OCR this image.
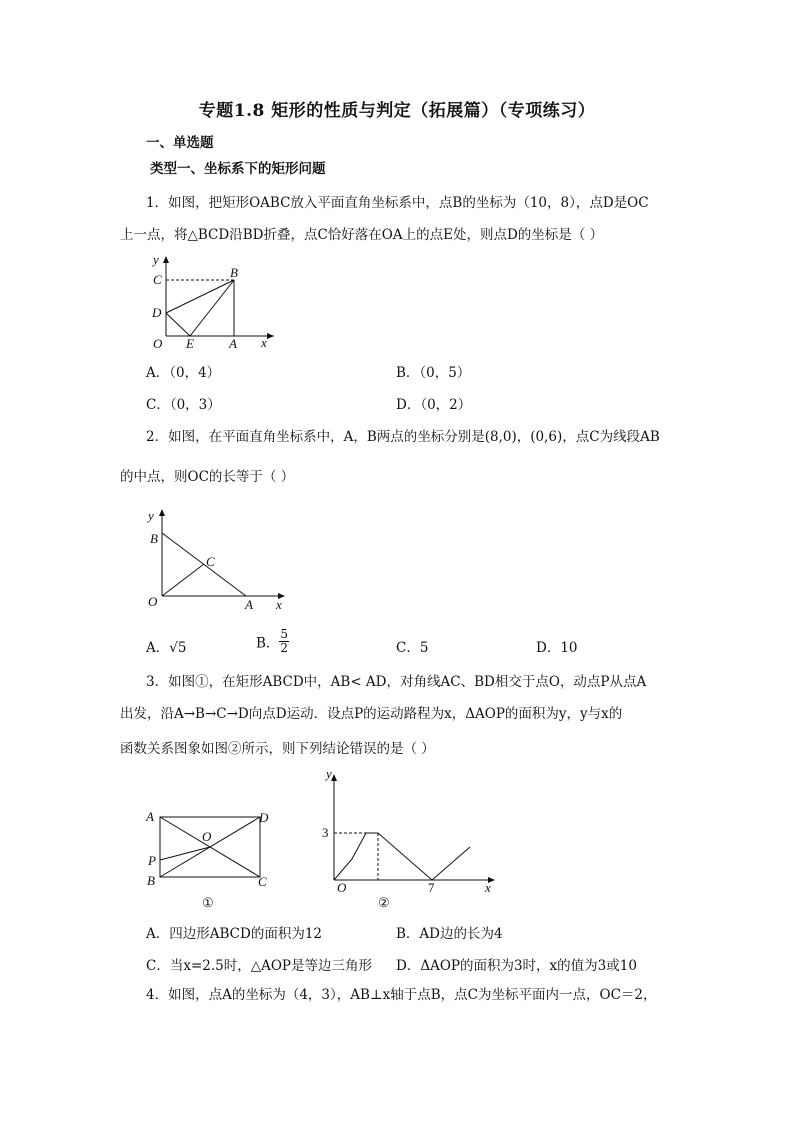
专题1.8 矩形的性质与判定（拓展篇）（专项练习）
一、单选题
类型一、坐标系下的矩形问题
1．如图，把矩形OABC放入平面直角坐标系中，点B的坐标为（10，8），点D是OC
上一点，将△BCD沿BD折叠，点C恰好落在OA上的点E处，则点D的坐标是（ ）
y
C	B
D
O E	A x
A．（0，4）	B．（0，5）
C．（0，3）	D．（0，2）
2．如图，在平面直角坐标系中，A，B两点的坐标分别是(8,0)，(0,6)，点C为线段AB
的中点，则OC的长等于（ ）
y
B
C
O	A x
A．√5	B． $\frac{5}{2}$	C．5	D．10
3．如图①，在矩形ABCD中，AB< AD，对角线AC、BD相交于点O，动点P从点A
出发，沿A→B→C→D向点D运动．设点P的运动路程为x，ΔAOP的面积为y，y与x的
函数关系图象如图②所示，则下列结论错误的是（ ）
A	D
O
P
B	C
①
y
3
O	7	x
②
A．四边形ABCD的面积为12	B．AD边的长为4
C．当x=2.5时，△AOP是等边三角形 D．ΔAOP的面积为3时，x的值为3或10
4．如图，点A的坐标为（4，3），AB⊥x轴于点B，点C为坐标平面内一点，OC＝2，
